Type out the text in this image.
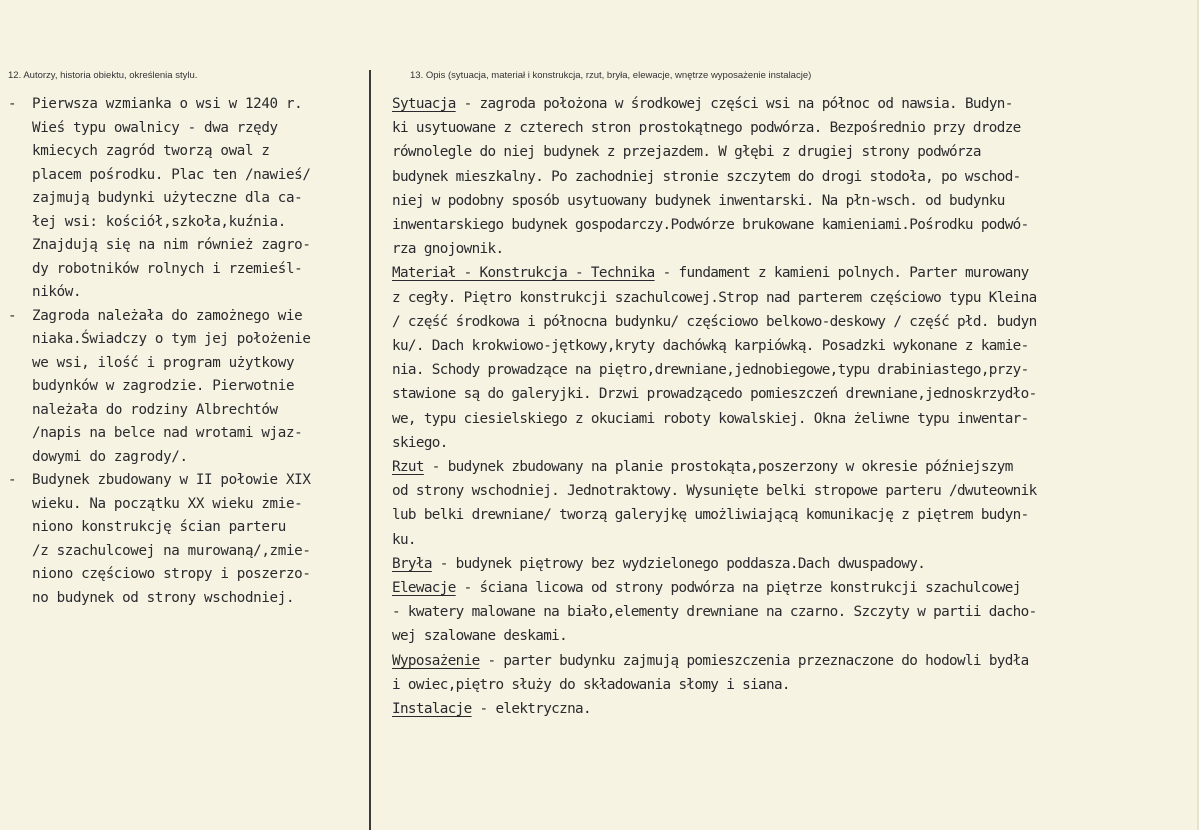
12. Autorzy, historia obiektu, określenia stylu.	13. Opis (sytuacja, materiał i konstrukcja, rzut, bryła, elewacje, wnętrze wyposażenie instalacje)
- Pierwsza wzmianka o wsi w 1240 r.
Wieś typu owalnicy - dwa rzędy
kmiecych zagród tworzą owal z
placem pośrodku. Plac ten /nawieś/
zajmują budynki użyteczne dla ca-
łej wsi: kościół,szkoła,kuźnia.
Znajdują się na nim również zagro-
dy robotników rolnych i rzemieśl-
ników.
- Zagroda należała do zamożnego wie
niaka.Świadczy o tym jej położenie
we wsi, ilość i program użytkowy
budynków w zagrodzie. Pierwotnie
należała do rodziny Albrechtów
/napis na belce nad wrotami wjaz-
dowymi do zagrody/.
- Budynek zbudowany w II połowie XIX
wieku. Na początku XX wieku zmie-
niono konstrukcję ścian parteru
/z szachulcowej na murowaną/,zmie-
niono częściowo stropy i poszerzo-
no budynek od strony wschodniej.
Sytuacja - zagroda położona w środkowej części wsi na północ od nawsia. Budyn-
ki usytuowane z czterech stron prostokątnego podwórza. Bezpośrednio przy drodze
równolegle do niej budynek z przejazdem. W głębi z drugiej strony podwórza
budynek mieszkalny. Po zachodniej stronie szczytem do drogi stodoła, po wschod-
niej w podobny sposób usytuowany budynek inwentarski. Na płn-wsch. od budynku
inwentarskiego budynek gospodarczy.Podwórze brukowane kamieniami.Pośrodku podwó-
rza gnojownik.
Materiał - Konstrukcja - Technika - fundament z kamieni polnych. Parter murowany
z cegły. Piętro konstrukcji szachulcowej.Strop nad parterem częściowo typu Kleina
/ część środkowa i północna budynku/ częściowo belkowo-deskowy / część płd. budyn
ku/. Dach krokwiowo-jętkowy,kryty dachówką karpiówką. Posadzki wykonane z kamie-
nia. Schody prowadzące na piętro,drewniane,jednobiegowe,typu drabiniastego,przy-
stawione są do galeryjki. Drzwi prowadzącedo pomieszczeń drewniane,jednoskrzydło-
we, typu ciesielskiego z okuciami roboty kowalskiej. Okna żeliwne typu inwentar-
skiego.
Rzut - budynek zbudowany na planie prostokąta,poszerzony w okresie późniejszym
od strony wschodniej. Jednotraktowy. Wysunięte belki stropowe parteru /dwuteownik
lub belki drewniane/ tworzą galeryjkę umożliwiającą komunikację z piętrem budyn-
ku.
Bryła - budynek piętrowy bez wydzielonego poddasza.Dach dwuspadowy.
Elewacje - ściana licowa od strony podwórza na piętrze konstrukcji szachulcowej
- kwatery malowane na biało,elementy drewniane na czarno. Szczyty w partii dacho-
wej szalowane deskami.
Wyposażenie - parter budynku zajmują pomieszczenia przeznaczone do hodowli bydła
i owiec,piętro służy do składowania słomy i siana.
Instalacje - elektryczna.
